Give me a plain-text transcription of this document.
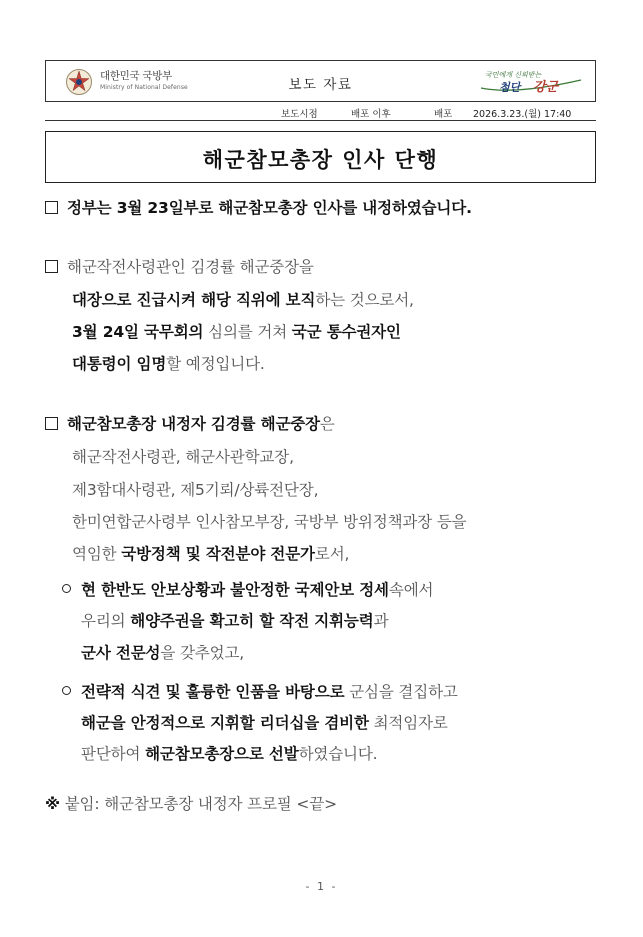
대한민국 국방부
Ministry of National Defense	보도 자료
국민에게 신뢰받는
첨단 강군
보도시점	배포 이후	배포 2026.3.23.(월) 17:40
해군참모총장 인사 단행
정부는 3월 23일부로 해군참모총장 인사를 내정하였습니다.
해군작전사령관인 김경률 해군중장을
대장으로 진급시켜 해당 직위에 보직하는 것으로서,
3월 24일 국무회의 심의를 거쳐 국군 통수권자인
대통령이 임명할 예정입니다.
해군참모총장 내정자 김경률 해군중장은
해군작전사령관, 해군사관학교장,
제3함대사령관, 제5기뢰/상륙전단장,
한미연합군사령부 인사참모부장, 국방부 방위정책과장 등을
역임한 국방정책 및 작전분야 전문가로서,
현 한반도 안보상황과 불안정한 국제안보 정세속에서
우리의 해양주권을 확고히 할 작전 지휘능력과
군사 전문성을 갖추었고,
전략적 식견 및 훌륭한 인품을 바탕으로 군심을 결집하고
해군을 안정적으로 지휘할 리더십을 겸비한 최적임자로
판단하여 해군참모총장으로 선발하였습니다.
※ 붙임: 해군참모총장 내정자 프로필 <끝>
- 1 -
